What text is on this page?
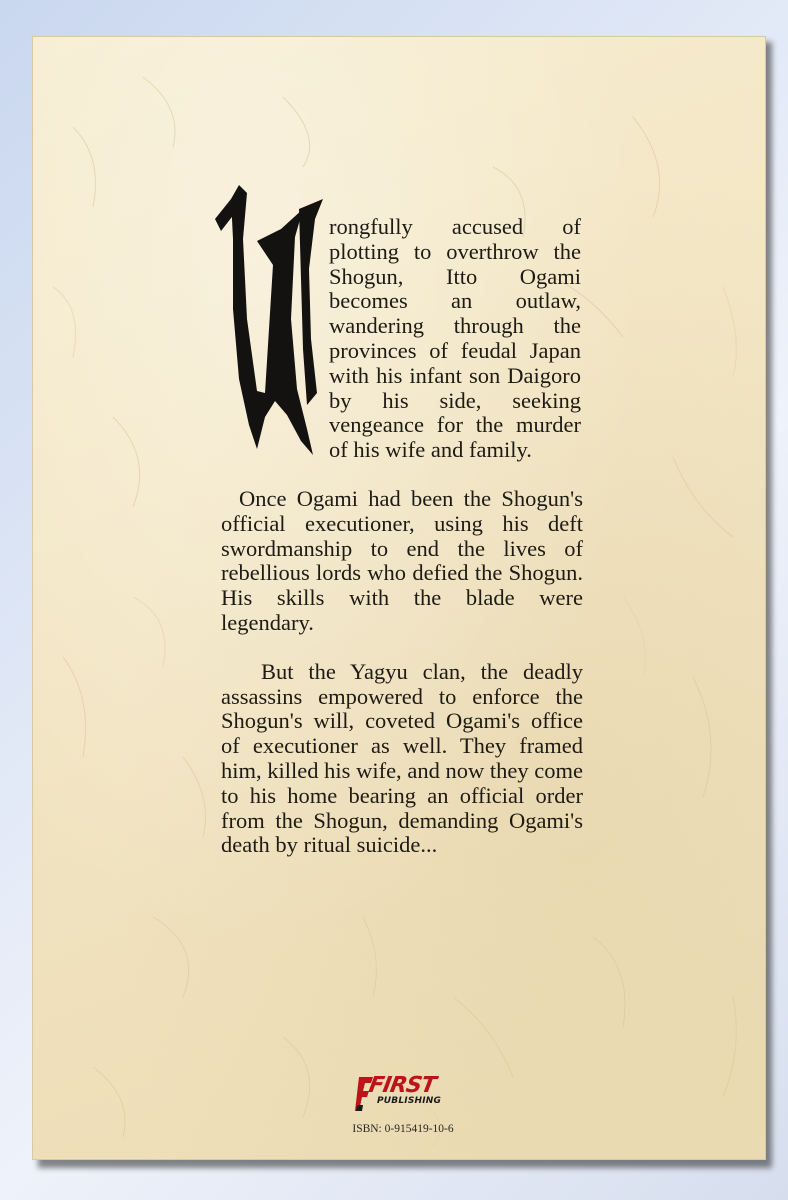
rongfully accused of plotting to overthrow the Shogun, Itto Ogami becomes an outlaw, wandering through the provinces of feudal Japan with his infant son Daigoro by his side, seeking vengeance for the murder of his wife and family.

Once Ogami had been the Shogun's official executioner, using his deft swordmanship to end the lives of rebellious lords who defied the Shogun. His skills with the blade were legendary.

But the Yagyu clan, the deadly assassins empowered to enforce the Shogun's will, coveted Ogami's office of executioner as well. They framed him, killed his wife, and now they come to his home bearing an official order from the Shogun, demanding Ogami's death by ritual suicide...

FIRST
PUBLISHING
ISBN: 0-915419-10-6
